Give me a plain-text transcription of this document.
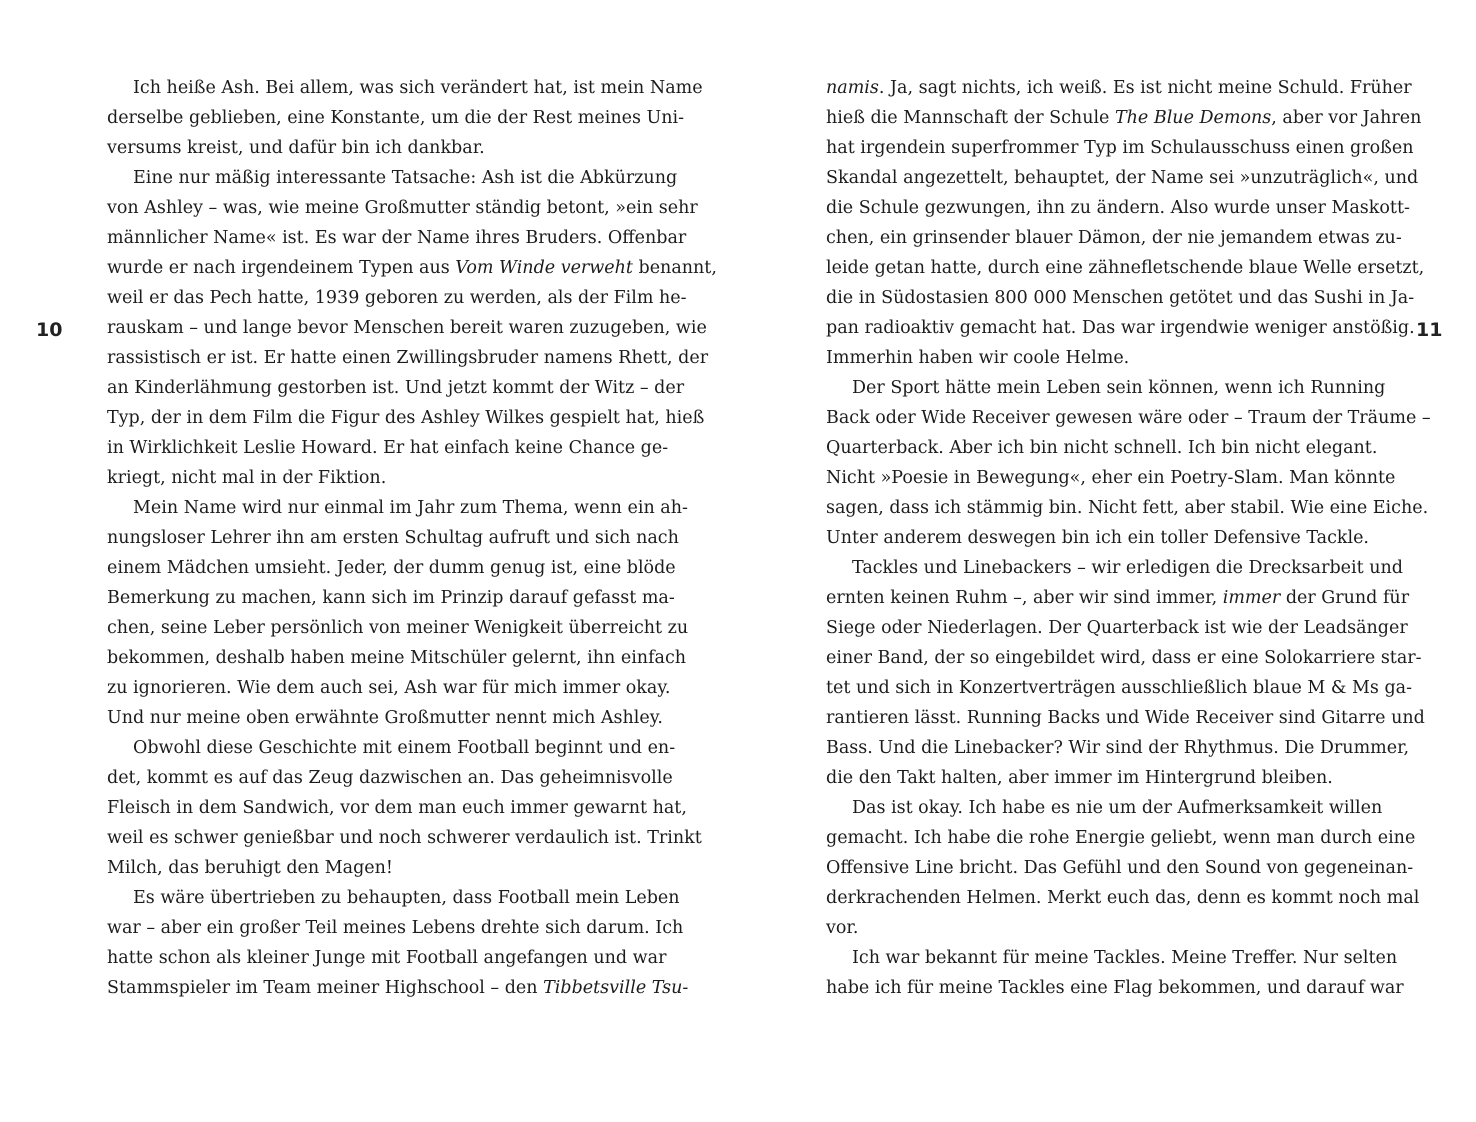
10
Ich heiße Ash. Bei allem, was sich verändert hat, ist mein Name
derselbe geblieben, eine Konstante, um die der Rest meines Uni-
versums kreist, und dafür bin ich dankbar.
Eine nur mäßig interessante Tatsache: Ash ist die Abkürzung
von Ashley – was, wie meine Großmutter ständig betont, »ein sehr
männlicher Name« ist. Es war der Name ihres Bruders. Offenbar
wurde er nach irgendeinem Typen aus Vom Winde verweht benannt,
weil er das Pech hatte, 1939 geboren zu werden, als der Film he-
rauskam – und lange bevor Menschen bereit waren zuzugeben, wie
rassistisch er ist. Er hatte einen Zwillingsbruder namens Rhett, der
an Kinderlähmung gestorben ist. Und jetzt kommt der Witz – der
Typ, der in dem Film die Figur des Ashley Wilkes gespielt hat, hieß
in Wirklichkeit Leslie Howard. Er hat einfach keine Chance ge-
kriegt, nicht mal in der Fiktion.
Mein Name wird nur einmal im Jahr zum Thema, wenn ein ah-
nungsloser Lehrer ihn am ersten Schultag aufruft und sich nach
einem Mädchen umsieht. Jeder, der dumm genug ist, eine blöde
Bemerkung zu machen, kann sich im Prinzip darauf gefasst ma-
chen, seine Leber persönlich von meiner Wenigkeit überreicht zu
bekommen, deshalb haben meine Mitschüler gelernt, ihn einfach
zu ignorieren. Wie dem auch sei, Ash war für mich immer okay.
Und nur meine oben erwähnte Großmutter nennt mich Ashley.
Obwohl diese Geschichte mit einem Football beginnt und en-
det, kommt es auf das Zeug dazwischen an. Das geheimnisvolle
Fleisch in dem Sandwich, vor dem man euch immer gewarnt hat,
weil es schwer genießbar und noch schwerer verdaulich ist. Trinkt
Milch, das beruhigt den Magen!
Es wäre übertrieben zu behaupten, dass Football mein Leben
war – aber ein großer Teil meines Lebens drehte sich darum. Ich
hatte schon als kleiner Junge mit Football angefangen und war
Stammspieler im Team meiner Highschool – den Tibbetsville Tsu-
namis. Ja, sagt nichts, ich weiß. Es ist nicht meine Schuld. Früher
hieß die Mannschaft der Schule The Blue Demons, aber vor Jahren
hat irgendein superfrommer Typ im Schulausschuss einen großen
Skandal angezettelt, behauptet, der Name sei »unzuträglich«, und
die Schule gezwungen, ihn zu ändern. Also wurde unser Maskott-
chen, ein grinsender blauer Dämon, der nie jemandem etwas zu-
leide getan hatte, durch eine zähnefletschende blaue Welle ersetzt,
die in Südostasien 800 000 Menschen getötet und das Sushi in Ja-
pan radioaktiv gemacht hat. Das war irgendwie weniger anstößig.
Immerhin haben wir coole Helme.
Der Sport hätte mein Leben sein können, wenn ich Running
Back oder Wide Receiver gewesen wäre oder – Traum der Träume –
Quarterback. Aber ich bin nicht schnell. Ich bin nicht elegant.
Nicht »Poesie in Bewegung«, eher ein Poetry-Slam. Man könnte
sagen, dass ich stämmig bin. Nicht fett, aber stabil. Wie eine Eiche.
Unter anderem deswegen bin ich ein toller Defensive Tackle.
Tackles und Linebackers – wir erledigen die Drecksarbeit und
ernten keinen Ruhm –, aber wir sind immer, immer der Grund für
Siege oder Niederlagen. Der Quarterback ist wie der Leadsänger
einer Band, der so eingebildet wird, dass er eine Solokarriere star-
tet und sich in Konzertverträgen ausschließlich blaue M & Ms ga-
rantieren lässt. Running Backs und Wide Receiver sind Gitarre und
Bass. Und die Linebacker? Wir sind der Rhythmus. Die Drummer,
die den Takt halten, aber immer im Hintergrund bleiben.
Das ist okay. Ich habe es nie um der Aufmerksamkeit willen
gemacht. Ich habe die rohe Energie geliebt, wenn man durch eine
Offensive Line bricht. Das Gefühl und den Sound von gegeneinan-
derkrachenden Helmen. Merkt euch das, denn es kommt noch mal
vor.
Ich war bekannt für meine Tackles. Meine Treffer. Nur selten
habe ich für meine Tackles eine Flag bekommen, und darauf war
11
